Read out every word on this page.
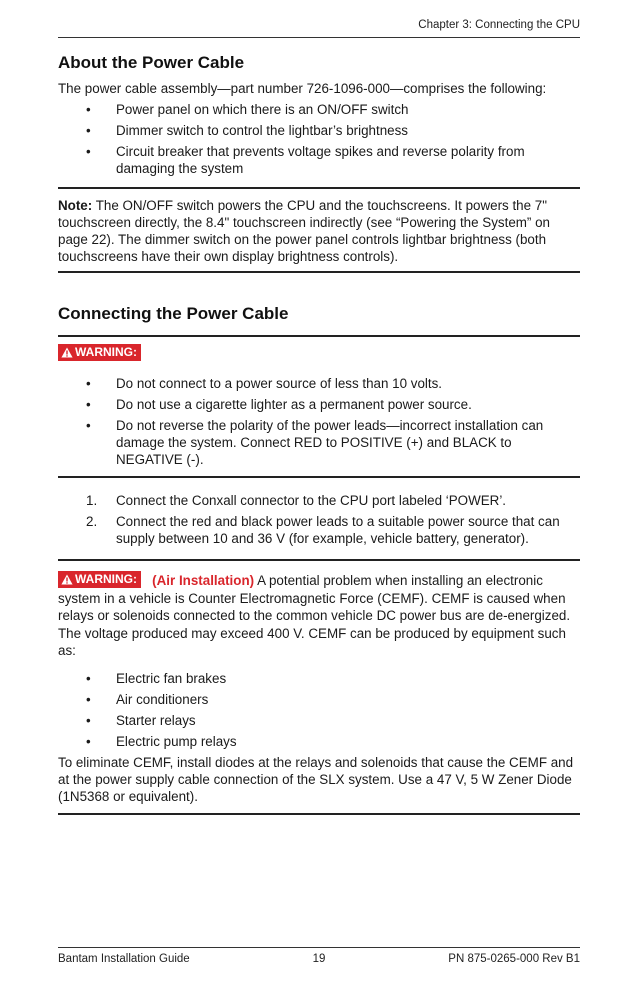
Chapter 3: Connecting the CPU
About the Power Cable

The power cable assembly—part number 726-1096-000—comprises the following:

• Power panel on which there is an ON/OFF switch
• Dimmer switch to control the lightbar’s brightness
• Circuit breaker that prevents voltage spikes and reverse polarity from damaging the system

Note: The ON/OFF switch powers the CPU and the touchscreens. It powers the 7" touchscreen directly, the 8.4" touchscreen indirectly (see “Powering the System” on page 22). The dimmer switch on the power panel controls lightbar brightness (both touchscreens have their own display brightness controls).

Connecting the Power Cable
WARNING:
• Do not connect to a power source of less than 10 volts.
• Do not use a cigarette lighter as a permanent power source.
• Do not reverse the polarity of the power leads—incorrect installation can damage the system. Connect RED to POSITIVE (+) and BLACK to NEGATIVE (-).
1. Connect the Conxall connector to the CPU port labeled ‘POWER’.
2. Connect the red and black power leads to a suitable power source that can supply between 10 and 36 V (for example, vehicle battery, generator).

WARNING: (Air Installation) A potential problem when installing an electronic system in a vehicle is Counter Electromagnetic Force (CEMF). CEMF is caused when relays or solenoids connected to the common vehicle DC power bus are de-energized. The voltage produced may exceed 400 V. CEMF can be produced by equipment such as:

• Electric fan brakes
• Air conditioners
• Starter relays
• Electric pump relays

To eliminate CEMF, install diodes at the relays and solenoids that cause the CEMF and at the power supply cable connection of the SLX system. Use a 47 V, 5 W Zener Diode (1N5368 or equivalent).

Bantam Installation Guide	19	PN 875-0265-000 Rev B1
